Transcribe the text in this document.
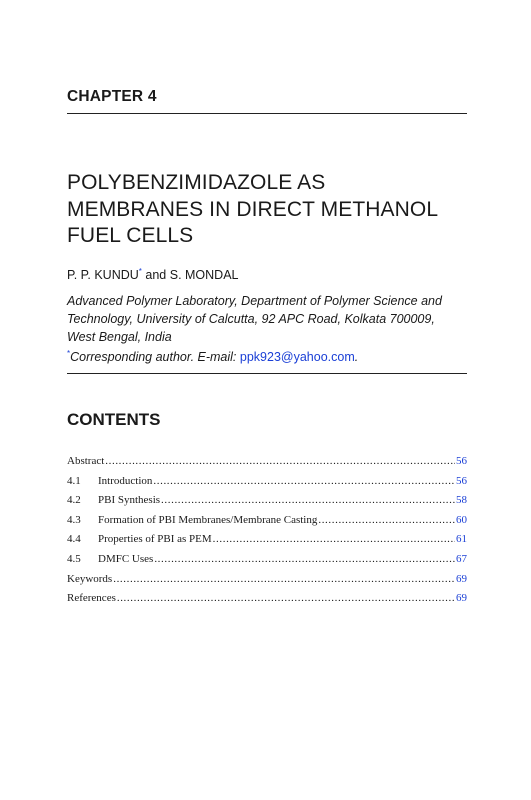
CHAPTER 4
POLYBENZIMIDAZOLE AS
MEMBRANES IN DIRECT METHANOL
FUEL CELLS
P. P. KUNDU* and S. MONDAL
Advanced Polymer Laboratory, Department of Polymer Science and
Technology, University of Calcutta, 92 APC Road, Kolkata 700009,
West Bengal, India
*Corresponding author. E-mail: ppk923@yahoo.com.
CONTENTS
Abstract .....	56
4.1	Introduction .....	56
4.2	PBI Synthesis .....	58
4.3	Formation of PBI Membranes/Membrane Casting .....	60
4.4	Properties of PBI as PEM .....	61
4.5	DMFC Uses .....	67
Keywords .....	69
References .....	69
